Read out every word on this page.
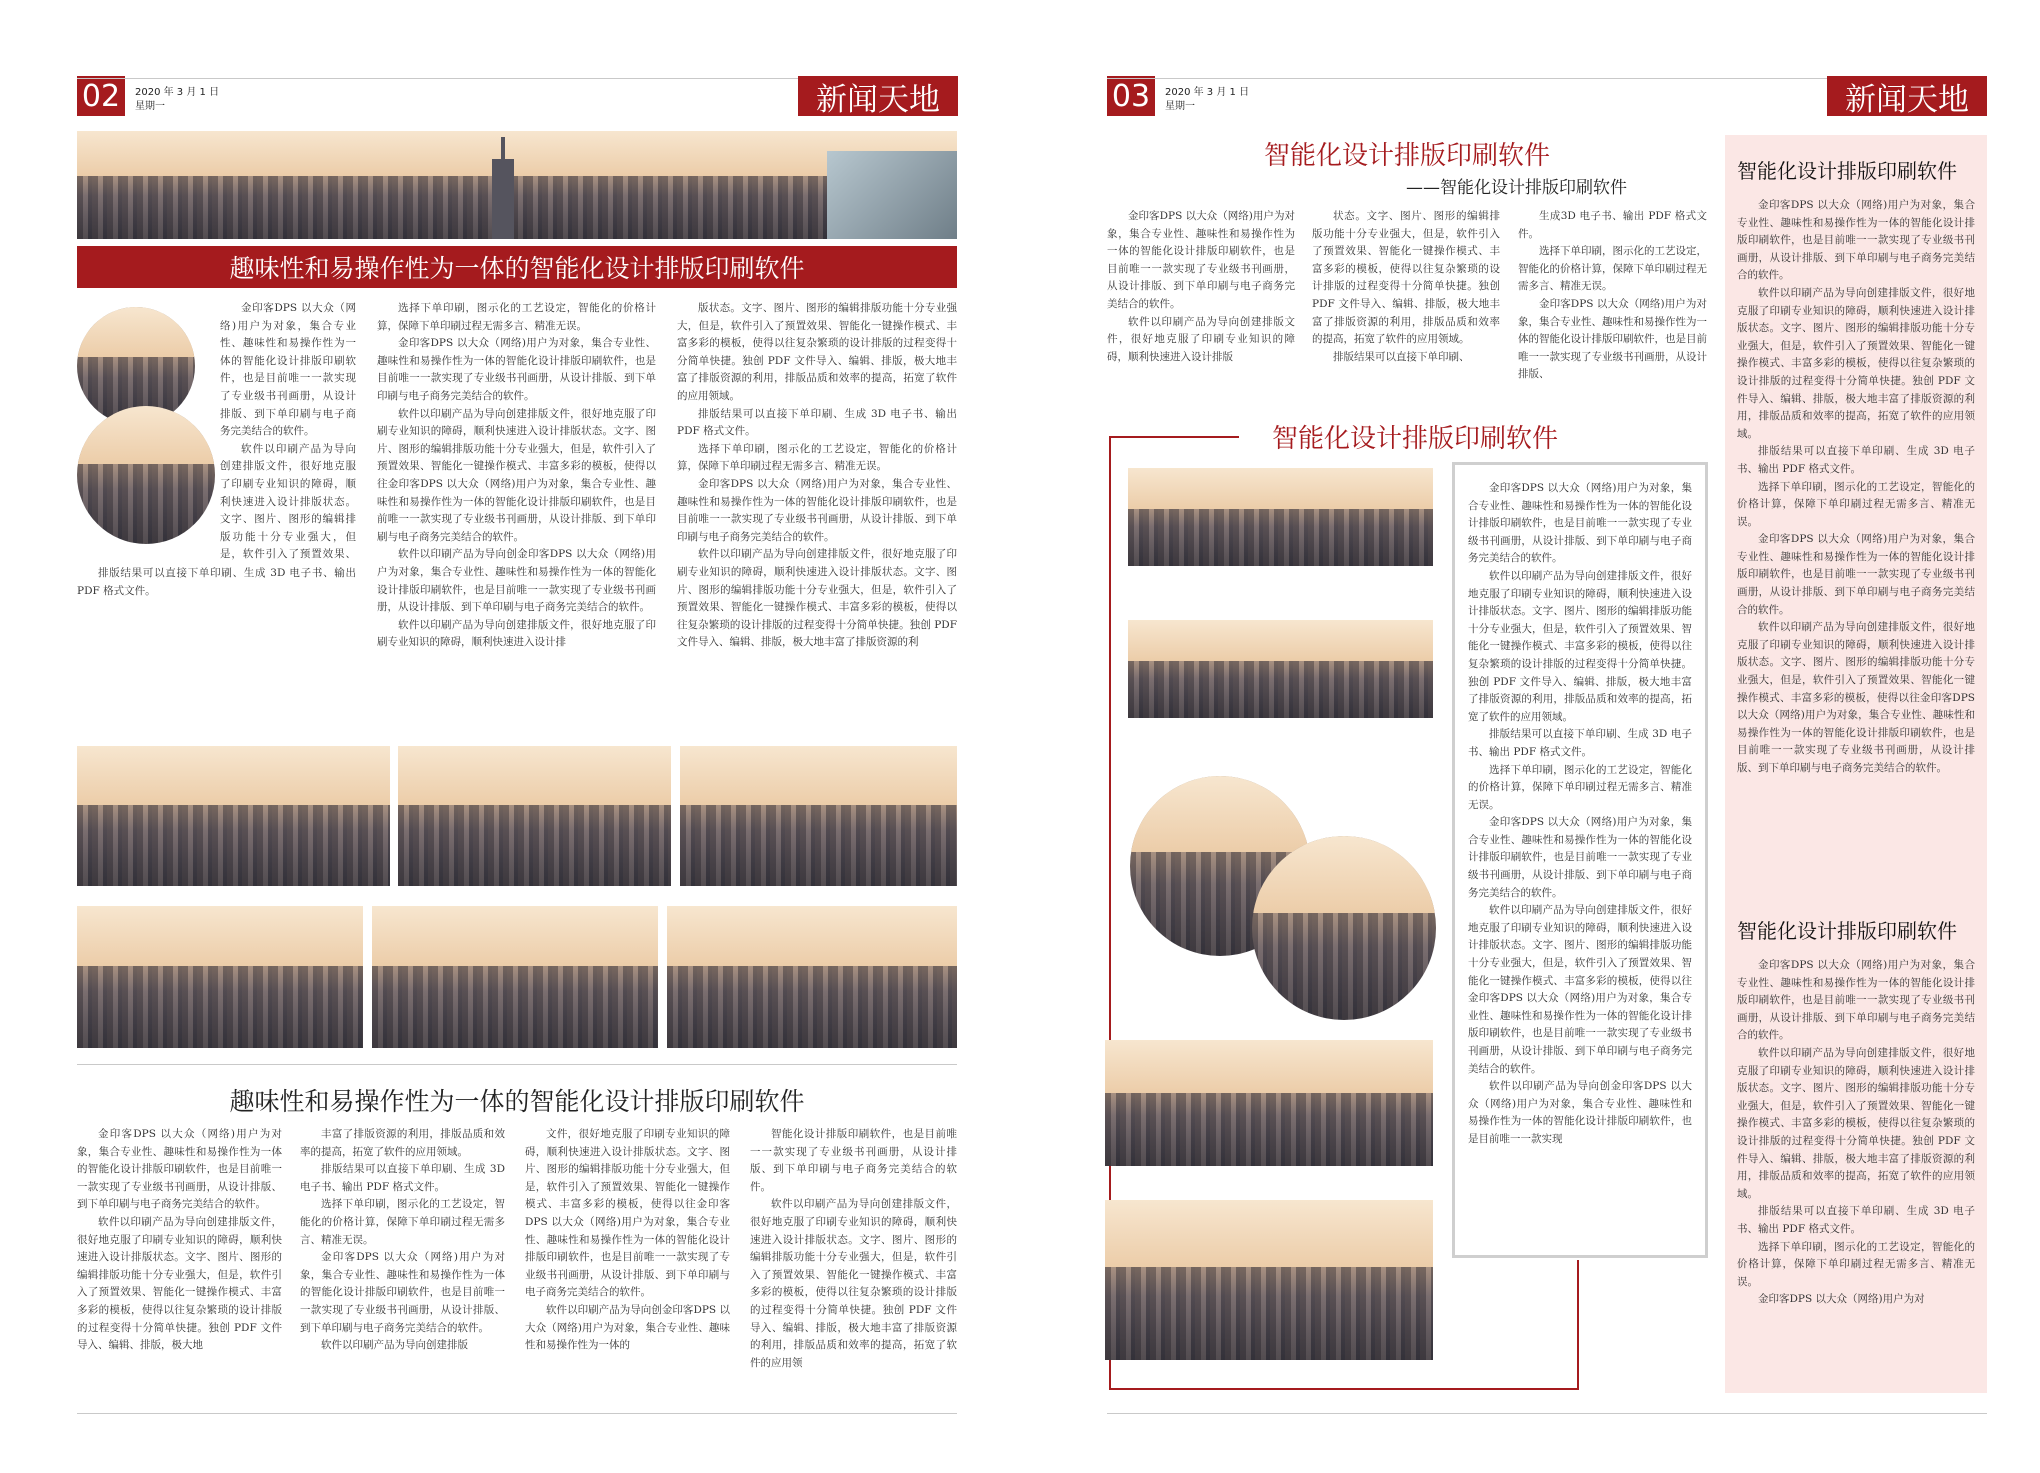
02	2020 年 3 月 1 日
星期一	新闻天地
趣味性和易操作性为一体的智能化设计排版印刷软件

金印客DPS 以大众（网络)用户为对象，集合专业性、趣味性和易操作性为一体的智能化设计排版印刷软件，也是目前唯一一款实现了专业级书刊画册，从设计排版、到下单印刷与电子商务完美结合的软件。

软件以印刷产品为导向创建排版文件，很好地克服了印刷专业知识的障碍，顺利快速进入设计排版状态。文字、图片、图形的编辑排版功能十分专业强大，但是，软件引入了预置效果、

排版结果可以直接下单印刷、生成 3D 电子书、输出 PDF 格式文件。

选择下单印刷，图示化的工艺设定，智能化的价格计算，保障下单印刷过程无需多言、精准无误。

金印客DPS 以大众（网络)用户为对象，集合专业性、趣味性和易操作性为一体的智能化设计排版印刷软件，也是目前唯一一款实现了专业级书刊画册，从设计排版、到下单印刷与电子商务完美结合的软件。

软件以印刷产品为导向创建排版文件，很好地克服了印刷专业知识的障碍，顺利快速进入设计排版状态。文字、图片、图形的编辑排版功能十分专业强大，但是，软件引入了预置效果、智能化一键操作模式、丰富多彩的模板，使得以往金印客DPS 以大众（网络)用户为对象，集合专业性、趣味性和易操作性为一体的智能化设计排版印刷软件，也是目前唯一一款实现了专业级书刊画册，从设计排版、到下单印刷与电子商务完美结合的软件。

软件以印刷产品为导向创金印客DPS 以大众（网络)用户为对象，集合专业性、趣味性和易操作性为一体的智能化设计排版印刷软件，也是目前唯一一款实现了专业级书刊画册，从设计排版、到下单印刷与电子商务完美结合的软件。

软件以印刷产品为导向创建排版文件，很好地克服了印刷专业知识的障碍，顺利快速进入设计排

版状态。文字、图片、图形的编辑排版功能十分专业强大，但是，软件引入了预置效果、智能化一键操作模式、丰富多彩的模板，使得以往复杂繁琐的设计排版的过程变得十分简单快捷。独创 PDF 文件导入、编辑、排版，极大地丰富了排版资源的利用，排版品质和效率的提高，拓宽了软件的应用领域。

排版结果可以直接下单印刷、生成 3D 电子书、输出 PDF 格式文件。

选择下单印刷，图示化的工艺设定，智能化的价格计算，保障下单印刷过程无需多言、精准无误。

金印客DPS 以大众（网络)用户为对象，集合专业性、趣味性和易操作性为一体的智能化设计排版印刷软件，也是目前唯一一款实现了专业级书刊画册，从设计排版、到下单印刷与电子商务完美结合的软件。

软件以印刷产品为导向创建排版文件，很好地克服了印刷专业知识的障碍，顺利快速进入设计排版状态。文字、图片、图形的编辑排版功能十分专业强大，但是，软件引入了预置效果、智能化一键操作模式、丰富多彩的模板，使得以往复杂繁琐的设计排版的过程变得十分简单快捷。独创 PDF 文件导入、编辑、排版，极大地丰富了排版资源的利

趣味性和易操作性为一体的智能化设计排版印刷软件

金印客DPS 以大众（网络)用户为对象，集合专业性、趣味性和易操作性为一体的智能化设计排版印刷软件，也是目前唯一一款实现了专业级书刊画册，从设计排版、到下单印刷与电子商务完美结合的软件。

软件以印刷产品为导向创建排版文件，很好地克服了印刷专业知识的障碍，顺利快速进入设计排版状态。文字、图片、图形的编辑排版功能十分专业强大，但是，软件引入了预置效果、智能化一键操作模式、丰富多彩的模板，使得以往复杂繁琐的设计排版的过程变得十分简单快捷。独创 PDF 文件导入、编辑、排版，极大地

丰富了排版资源的利用，排版品质和效率的提高，拓宽了软件的应用领域。

排版结果可以直接下单印刷、生成 3D 电子书、输出 PDF 格式文件。

选择下单印刷，图示化的工艺设定，智能化的价格计算，保障下单印刷过程无需多言、精准无误。

金印客DPS 以大众（网络)用户为对象，集合专业性、趣味性和易操作性为一体的智能化设计排版印刷软件，也是目前唯一一款实现了专业级书刊画册，从设计排版、到下单印刷与电子商务完美结合的软件。

软件以印刷产品为导向创建排版

文件，很好地克服了印刷专业知识的障碍，顺利快速进入设计排版状态。文字、图片、图形的编辑排版功能十分专业强大，但是，软件引入了预置效果、智能化一键操作模式、丰富多彩的模板，使得以往金印客DPS 以大众（网络)用户为对象，集合专业性、趣味性和易操作性为一体的智能化设计排版印刷软件，也是目前唯一一款实现了专业级书刊画册，从设计排版、到下单印刷与电子商务完美结合的软件。

软件以印刷产品为导向创金印客DPS 以大众（网络)用户为对象，集合专业性、趣味性和易操作性为一体的

智能化设计排版印刷软件，也是目前唯一一款实现了专业级书刊画册，从设计排版、到下单印刷与电子商务完美结合的软件。

软件以印刷产品为导向创建排版文件，很好地克服了印刷专业知识的障碍，顺利快速进入设计排版状态。文字、图片、图形的编辑排版功能十分专业强大，但是，软件引入了预置效果、智能化一键操作模式、丰富多彩的模板，使得以往复杂繁琐的设计排版的过程变得十分简单快捷。独创 PDF 文件导入、编辑、排版，极大地丰富了排版资源的利用，排版品质和效率的提高，拓宽了软件的应用领

03	2020 年 3 月 1 日
星期一	新闻天地
智能化设计排版印刷软件
——智能化设计排版印刷软件

金印客DPS 以大众（网络)用户为对象，集合专业性、趣味性和易操作性为一体的智能化设计排版印刷软件，也是目前唯一一款实现了专业级书刊画册，从设计排版、到下单印刷与电子商务完美结合的软件。

软件以印刷产品为导向创建排版文件，很好地克服了印刷专业知识的障碍，顺利快速进入设计排版

状态。文字、图片、图形的编辑排版功能十分专业强大，但是，软件引入了预置效果、智能化一键操作模式、丰富多彩的模板，使得以往复杂繁琐的设计排版的过程变得十分简单快捷。独创 PDF 文件导入、编辑、排版，极大地丰富了排版资源的利用，排版品质和效率的提高，拓宽了软件的应用领域。

排版结果可以直接下单印刷、

生成3D 电子书、输出 PDF 格式文件。

选择下单印刷，图示化的工艺设定，智能化的价格计算，保障下单印刷过程无需多言、精准无误。

金印客DPS 以大众（网络)用户为对象，集合专业性、趣味性和易操作性为一体的智能化设计排版印刷软件，也是目前唯一一款实现了专业级书刊画册，从设计排版、

智能化设计排版印刷软件

金印客DPS 以大众（网络)用户为对象，集合专业性、趣味性和易操作性为一体的智能化设计排版印刷软件，也是目前唯一一款实现了专业级书刊画册，从设计排版、到下单印刷与电子商务完美结合的软件。

软件以印刷产品为导向创建排版文件，很好地克服了印刷专业知识的障碍，顺利快速进入设计排版状态。文字、图片、图形的编辑排版功能十分专业强大，但是，软件引入了预置效果、智能化一键操作模式、丰富多彩的模板，使得以往复杂繁琐的设计排版的过程变得十分简单快捷。独创 PDF 文件导入、编辑、排版，极大地丰富了排版资源的利用，排版品质和效率的提高，拓宽了软件的应用领域。

排版结果可以直接下单印刷、生成 3D 电子书、输出 PDF 格式文件。

选择下单印刷，图示化的工艺设定，智能化的价格计算，保障下单印刷过程无需多言、精准无误。

金印客DPS 以大众（网络)用户为对象，集合专业性、趣味性和易操作性为一体的智能化设计排版印刷软件，也是目前唯一一款实现了专业级书刊画册，从设计排版、到下单印刷与电子商务完美结合的软件。

软件以印刷产品为导向创建排版文件，很好地克服了印刷专业知识的障碍，顺利快速进入设计排版状态。文字、图片、图形的编辑排版功能十分专业强大，但是，软件引入了预置效果、智能化一键操作模式、丰富多彩的模板，使得以往金印客DPS 以大众（网络)用户为对象，集合专业性、趣味性和易操作性为一体的智能化设计排版印刷软件，也是目前唯一一款实现了专业级书刊画册，从设计排版、到下单印刷与电子商务完美结合的软件。

软件以印刷产品为导向创金印客DPS 以大众（网络)用户为对象，集合专业性、趣味性和易操作性为一体的智能化设计排版印刷软件，也是目前唯一一款实现

智能化设计排版印刷软件

金印客DPS 以大众（网络)用户为对象，集合专业性、趣味性和易操作性为一体的智能化设计排版印刷软件，也是目前唯一一款实现了专业级书刊画册，从设计排版、到下单印刷与电子商务完美结合的软件。

软件以印刷产品为导向创建排版文件，很好地克服了印刷专业知识的障碍，顺利快速进入设计排版状态。文字、图片、图形的编辑排版功能十分专业强大，但是，软件引入了预置效果、智能化一键操作模式、丰富多彩的模板，使得以往复杂繁琐的设计排版的过程变得十分简单快捷。独创 PDF 文件导入、编辑、排版，极大地丰富了排版资源的利用，排版品质和效率的提高，拓宽了软件的应用领域。

排版结果可以直接下单印刷、生成 3D 电子书、输出 PDF 格式文件。

选择下单印刷，图示化的工艺设定，智能化的价格计算，保障下单印刷过程无需多言、精准无误。

金印客DPS 以大众（网络)用户为对象，集合专业性、趣味性和易操作性为一体的智能化设计排版印刷软件，也是目前唯一一款实现了专业级书刊画册，从设计排版、到下单印刷与电子商务完美结合的软件。

软件以印刷产品为导向创建排版文件，很好地克服了印刷专业知识的障碍，顺利快速进入设计排版状态。文字、图片、图形的编辑排版功能十分专业强大，但是，软件引入了预置效果、智能化一键操作模式、丰富多彩的模板，使得以往金印客DPS 以大众（网络)用户为对象，集合专业性、趣味性和易操作性为一体的智能化设计排版印刷软件，也是目前唯一一款实现了专业级书刊画册，从设计排版、到下单印刷与电子商务完美结合的软件。

智能化设计排版印刷软件

金印客DPS 以大众（网络)用户为对象，集合专业性、趣味性和易操作性为一体的智能化设计排版印刷软件，也是目前唯一一款实现了专业级书刊画册，从设计排版、到下单印刷与电子商务完美结合的软件。

软件以印刷产品为导向创建排版文件，很好地克服了印刷专业知识的障碍，顺利快速进入设计排版状态。文字、图片、图形的编辑排版功能十分专业强大，但是，软件引入了预置效果、智能化一键操作模式、丰富多彩的模板，使得以往复杂繁琐的设计排版的过程变得十分简单快捷。独创 PDF 文件导入、编辑、排版，极大地丰富了排版资源的利用，排版品质和效率的提高，拓宽了软件的应用领域。

排版结果可以直接下单印刷、生成 3D 电子书、输出 PDF 格式文件。

选择下单印刷，图示化的工艺设定，智能化的价格计算，保障下单印刷过程无需多言、精准无误。

金印客DPS 以大众（网络)用户为对
